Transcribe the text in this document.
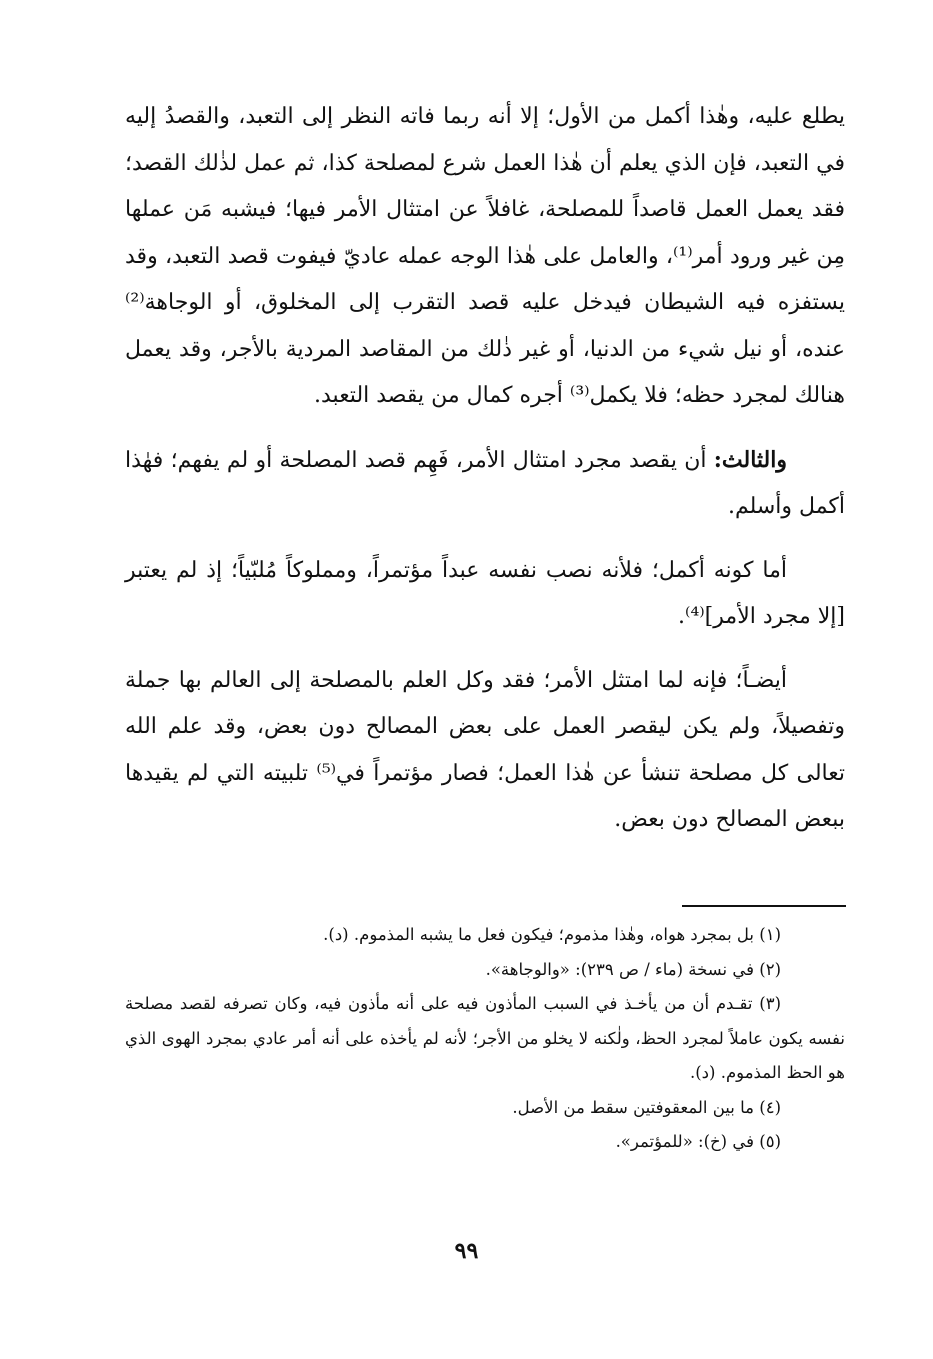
يطلع عليه، وهٰذا أكمل من الأول؛ إلا أنه ربما فاته النظر إلى التعبد، والقصدُ إليه في التعبد، فإن الذي يعلم أن هٰذا العمل شرع لمصلحة كذا، ثم عمل لذٰلك القصد؛ فقد يعمل العمل قاصداً للمصلحة، غافلاً عن امتثال الأمر فيها؛ فيشبه مَن عملها مِن غير ورود أمر⁽¹⁾، والعامل على هٰذا الوجه عمله عاديّ فيفوت قصد التعبد، وقد يستفزه فيه الشيطان فيدخل عليه قصد التقرب إلى المخلوق، أو الوجاهة⁽²⁾ عنده، أو نيل شيء من الدنيا، أو غير ذٰلك من المقاصد المردية بالأجر، وقد يعمل هنالك لمجرد حظه؛ فلا يكمل⁽³⁾ أجره كمال من يقصد التعبد.

والثالث: أن يقصد مجرد امتثال الأمر، فَهِم قصد المصلحة أو لم يفهم؛ فهٰذا أكمل وأسلم.

أما كونه أكمل؛ فلأنه نصب نفسه عبداً مؤتمراً، ومملوكاً مُلبّياً؛ إذ لم يعتبر [إلا مجرد الأمر]⁽⁴⁾.

أيضـاً؛ فإنه لما امتثل الأمر؛ فقد وكل العلم بالمصلحة إلى العالم بها جملة وتفصيلاً، ولم يكن ليقصر العمل على بعض المصالح دون بعض، وقد علم الله تعالى كل مصلحة تنشأ عن هٰذا العمل؛ فصار مؤتمراً في⁽⁵⁾ تلبيته التي لم يقيدها ببعض المصالح دون بعض.

(١) بل بمجرد هواه، وهٰذا مذموم؛ فيكون فعل ما يشبه المذموم. (د).

(٢) في نسخة (ماء / ص ٢٣٩): «والوجاهة».

(٣) تقـدم أن من يأخـذ في السبب المأذون فيه على أنه مأذون فيه، وكان تصرفه لقصد مصلحة نفسه يكون عاملاً لمجرد الحظ، ولٰكنه لا يخلو من الأجر؛ لأنه لم يأخذه على أنه أمر عادي بمجرد الهوى الذي هو الحظ المذموم. (د).

(٤) ما بين المعقوفتين سقط من الأصل.

(٥) في (خ): «للمؤتمر».

٩٩
